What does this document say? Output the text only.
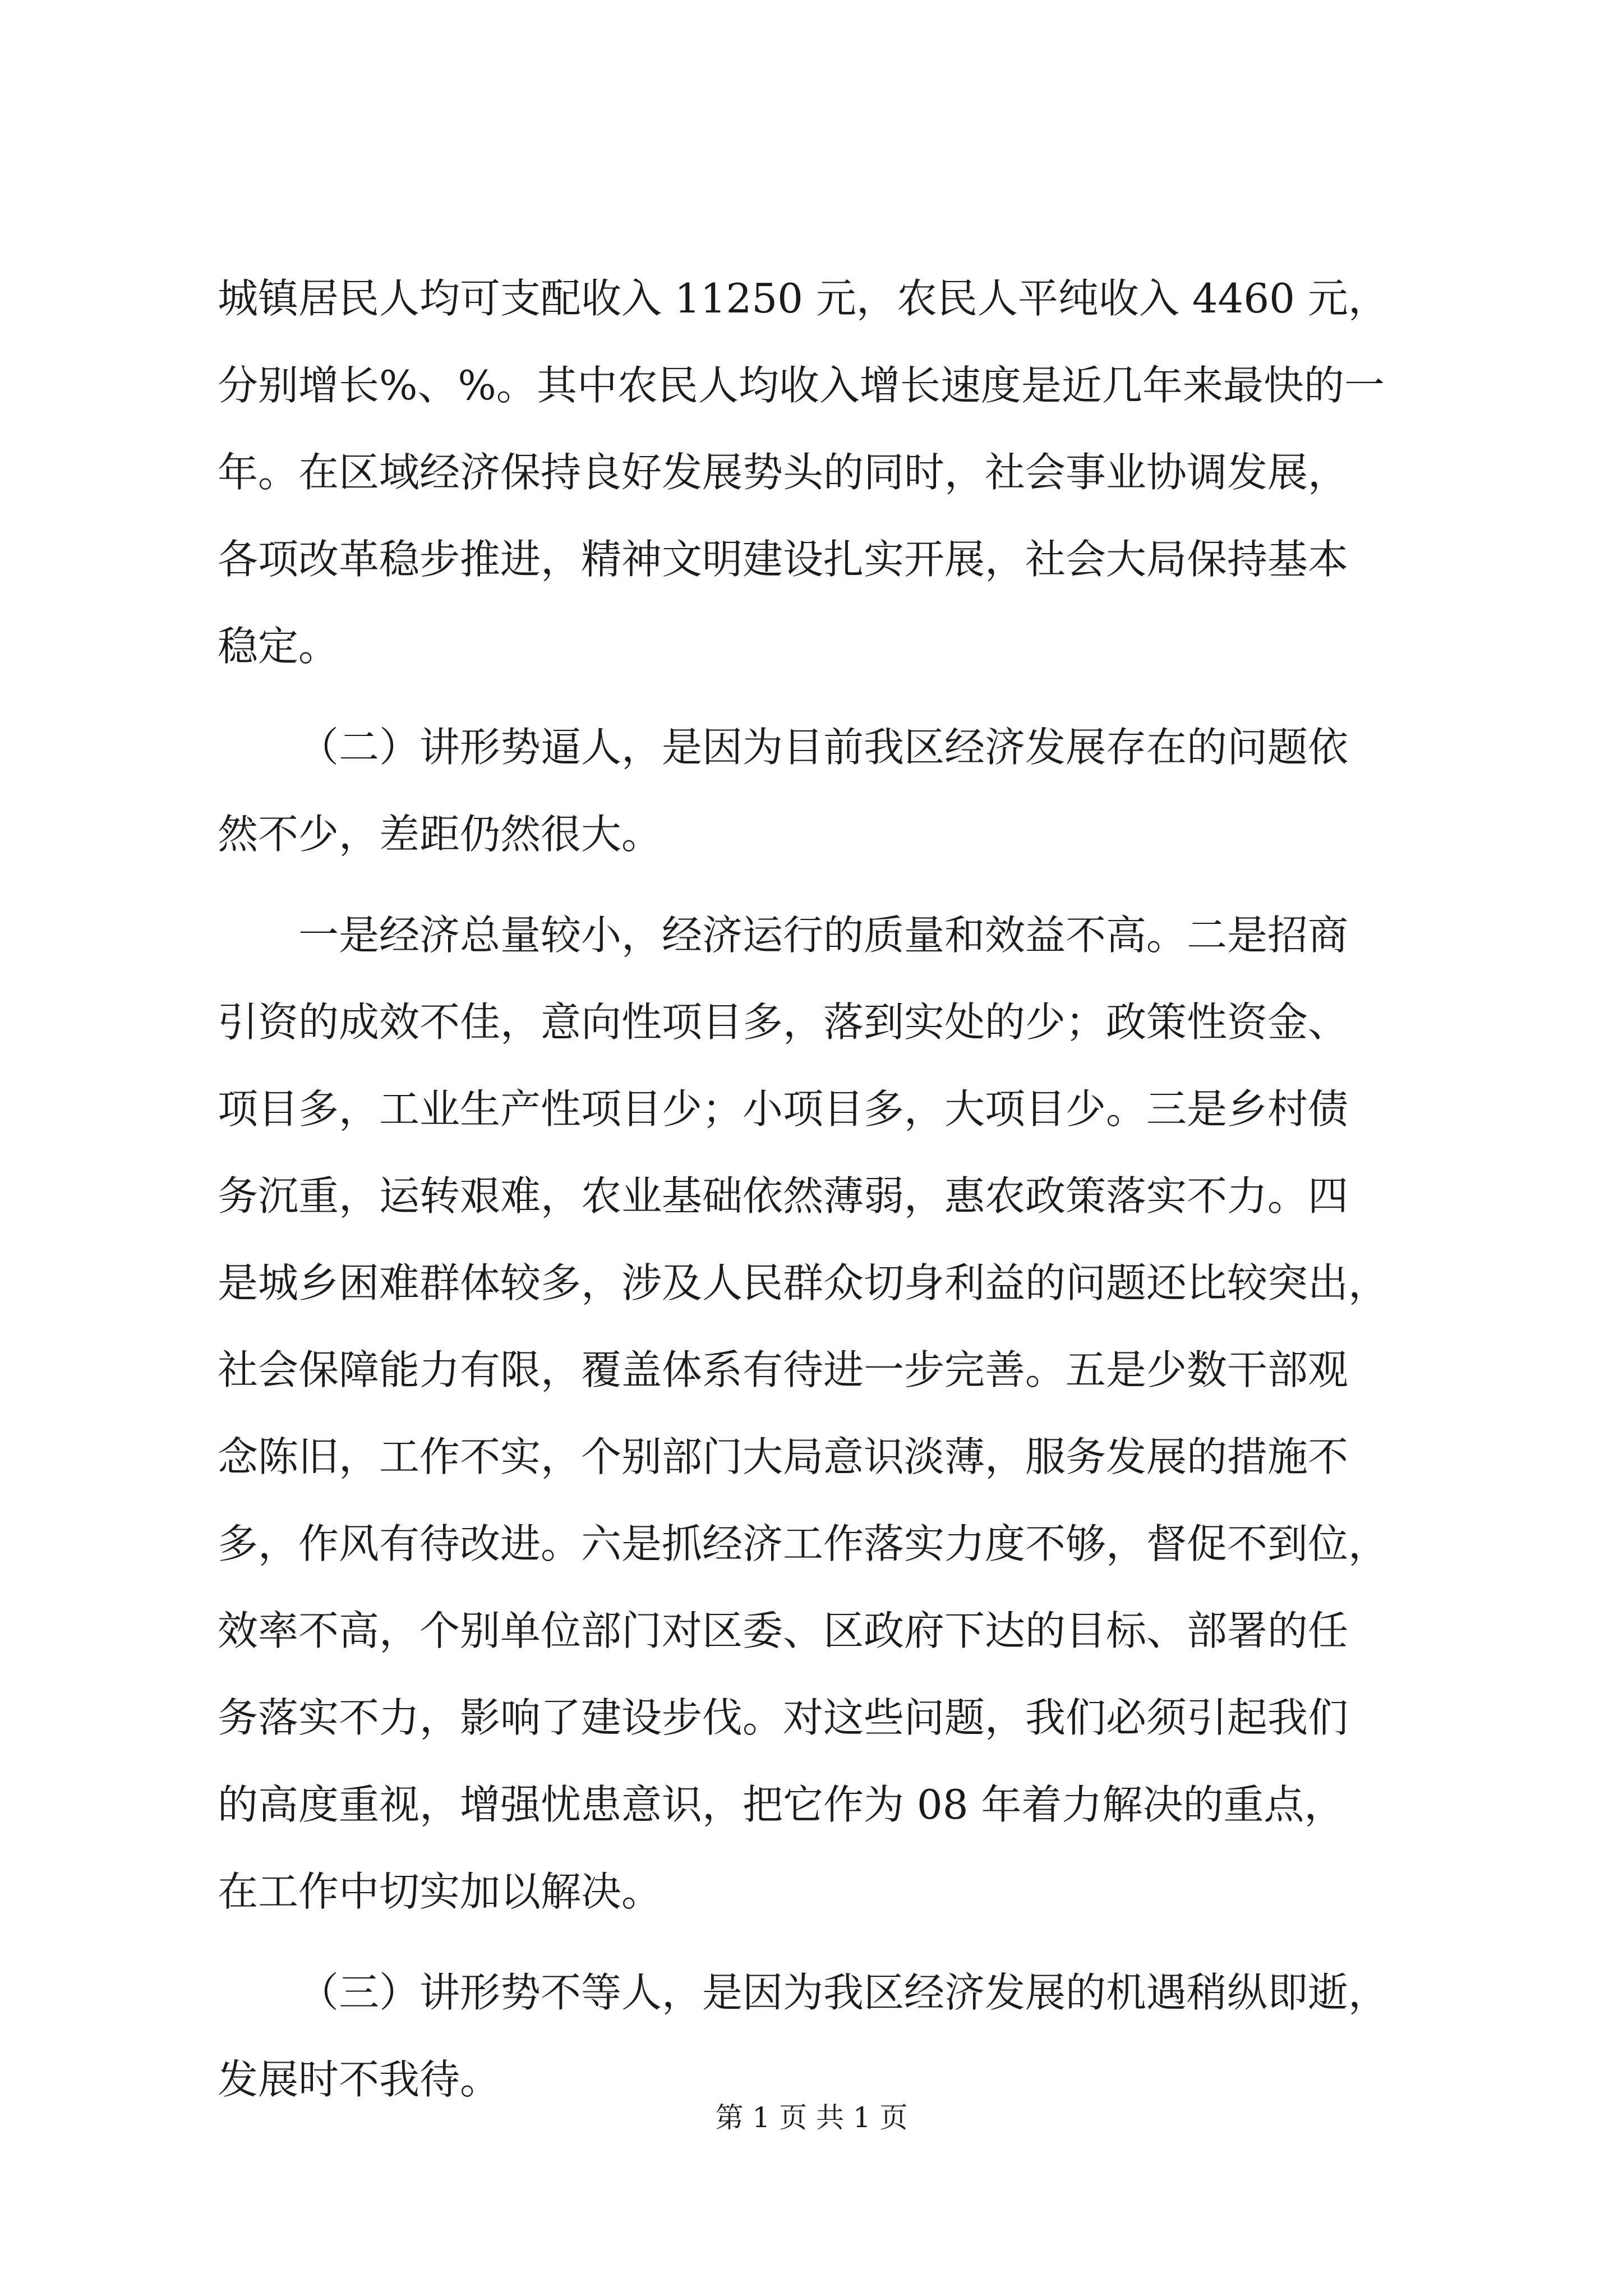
城镇居民人均可支配收入 11250 元，农民人平纯收入 4460 元，
分别增长%、%。其中农民人均收入增长速度是近几年来最快的一
年。在区域经济保持良好发展势头的同时，社会事业协调发展，
各项改革稳步推进，精神文明建设扎实开展，社会大局保持基本
稳定。
（二）讲形势逼人，是因为目前我区经济发展存在的问题依
然不少，差距仍然很大。
一是经济总量较小，经济运行的质量和效益不高。二是招商
引资的成效不佳，意向性项目多，落到实处的少；政策性资金、
项目多，工业生产性项目少；小项目多，大项目少。三是乡村债
务沉重，运转艰难，农业基础依然薄弱，惠农政策落实不力。四
是城乡困难群体较多，涉及人民群众切身利益的问题还比较突出，
社会保障能力有限，覆盖体系有待进一步完善。五是少数干部观
念陈旧，工作不实，个别部门大局意识淡薄，服务发展的措施不
多，作风有待改进。六是抓经济工作落实力度不够，督促不到位，
效率不高，个别单位部门对区委、区政府下达的目标、部署的任
务落实不力，影响了建设步伐。对这些问题，我们必须引起我们
的高度重视，增强忧患意识，把它作为 08 年着力解决的重点，
在工作中切实加以解决。
（三）讲形势不等人，是因为我区经济发展的机遇稍纵即逝，
发展时不我待。
第 1 页 共 1 页
